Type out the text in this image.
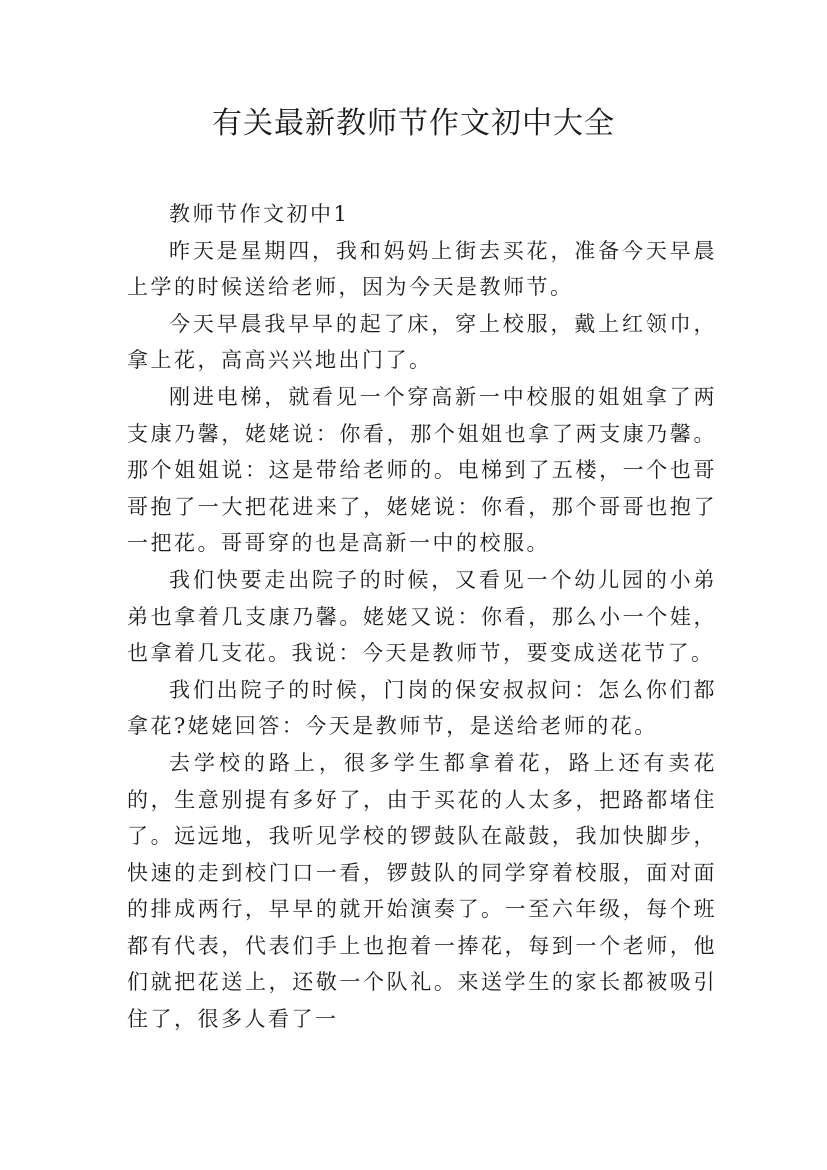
有关最新教师节作文初中大全

教师节作文初中1

昨天是星期四，我和妈妈上街去买花，准备今天早晨上学的时候送给老师，因为今天是教师节。

今天早晨我早早的起了床，穿上校服，戴上红领巾，拿上花，高高兴兴地出门了。

刚进电梯，就看见一个穿高新一中校服的姐姐拿了两支康乃馨，姥姥说：你看，那个姐姐也拿了两支康乃馨。那个姐姐说：这是带给老师的。电梯到了五楼，一个也哥哥抱了一大把花进来了，姥姥说：你看，那个哥哥也抱了一把花。哥哥穿的也是高新一中的校服。

我们快要走出院子的时候，又看见一个幼儿园的小弟弟也拿着几支康乃馨。姥姥又说：你看，那么小一个娃，也拿着几支花。我说：今天是教师节，要变成送花节了。

我们出院子的时候，门岗的保安叔叔问：怎么你们都拿花?姥姥回答：今天是教师节，是送给老师的花。

去学校的路上，很多学生都拿着花，路上还有卖花的，生意别提有多好了，由于买花的人太多，把路都堵住了。远远地，我听见学校的锣鼓队在敲鼓，我加快脚步，快速的走到校门口一看，锣鼓队的同学穿着校服，面对面的排成两行，早早的就开始演奏了。一至六年级，每个班都有代表，代表们手上也抱着一捧花，每到一个老师，他们就把花送上，还敬一个队礼。来送学生的家长都被吸引住了，很多人看了一
